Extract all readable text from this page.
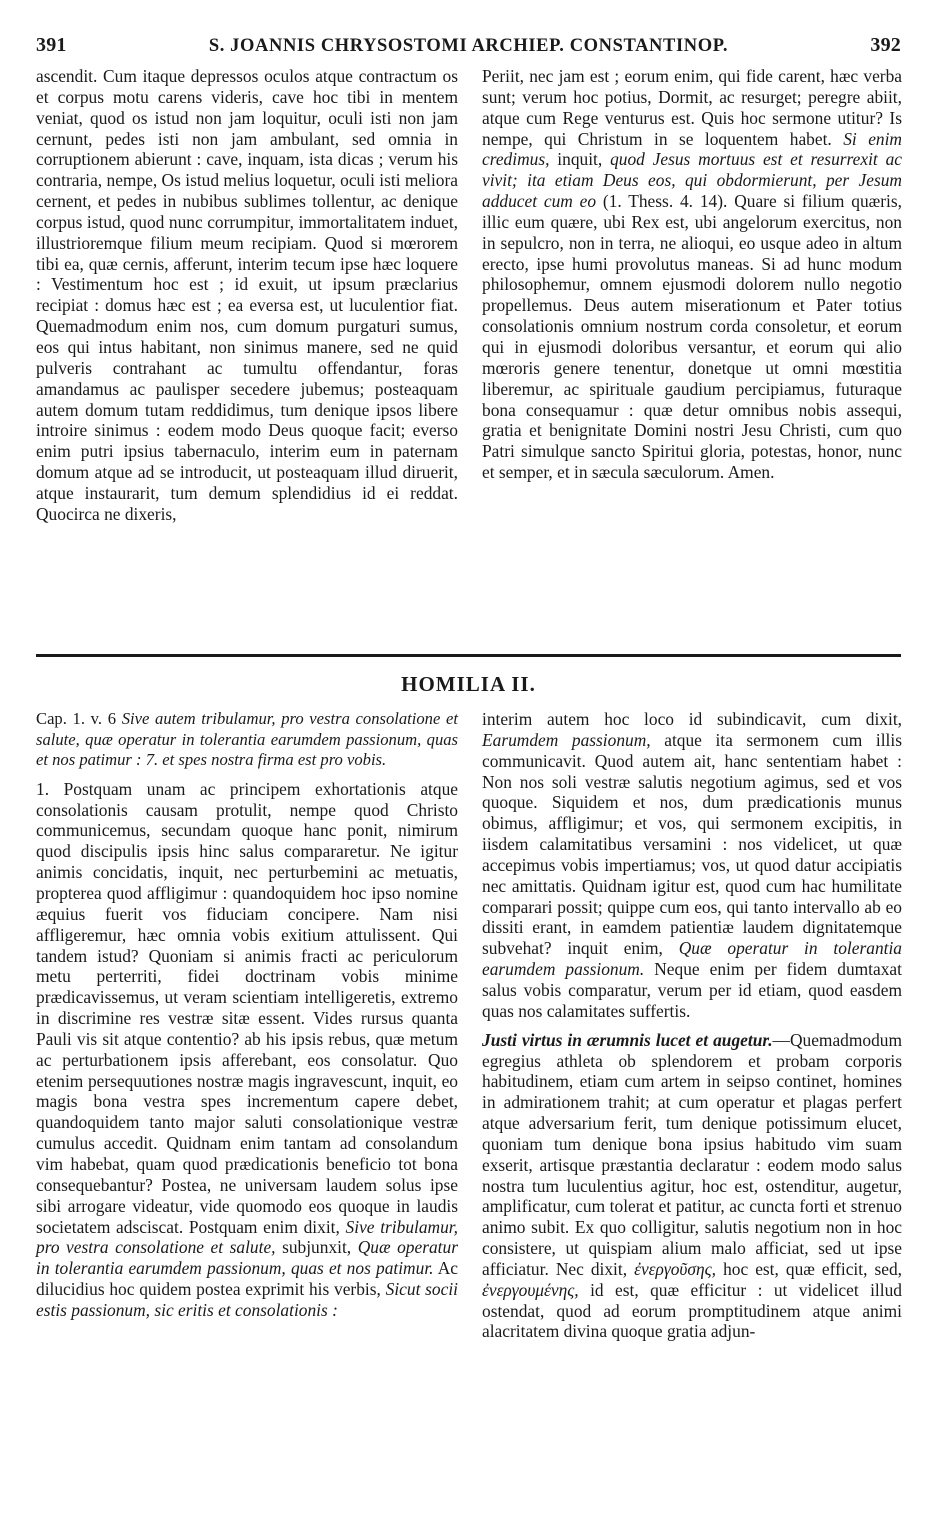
391	S. JOANNIS CHRYSOSTOMI ARCHIEP. CONSTANTINOP.	392

ascendit. Cum itaque depressos oculos atque contractum os et corpus motu carens videris, cave hoc tibi in mentem veniat, quod os istud non jam loquitur, oculi isti non jam cernunt, pedes isti non jam ambulant, sed omnia in corruptionem abierunt : cave, inquam, ista dicas ; verum his contraria, nempe, Os istud melius loquetur, oculi isti meliora cernent, et pedes in nubibus sublimes tollentur, ac denique corpus istud, quod nunc corrumpitur, immortalitatem induet, illustrioremque filium meum recipiam. Quod si mœrorem tibi ea, quæ cernis, afferunt, interim tecum ipse hæc loquere : Vestimentum hoc est ; id exuit, ut ipsum præclarius recipiat : domus hæc est ; ea eversa est, ut luculentior fiat. Quemadmodum enim nos, cum domum purgaturi sumus, eos qui intus habitant, non sinimus manere, sed ne quid pulveris contrahant ac tumultu offendantur, foras amandamus ac paulisper secedere jubemus; posteaquam autem domum tutam reddidimus, tum denique ipsos libere introire sinimus : eodem modo Deus quoque facit; everso enim putri ipsius tabernaculo, interim eum in paternam domum atque ad se introducit, ut posteaquam illud diruerit, atque instaurarit, tum demum splendidius id ei reddat. Quocirca ne dixeris,

Periit, nec jam est ; eorum enim, qui fide carent, hæc verba sunt; verum hoc potius, Dormit, ac resurget; peregre abiit, atque cum Rege venturus est. Quis hoc sermone utitur? Is nempe, qui Christum in se loquentem habet. Si enim credimus, inquit, quod Jesus mortuus est et resurrexit ac vivit; ita etiam Deus eos, qui obdormierunt, per Jesum adducet cum eo (1. Thess. 4. 14). Quare si filium quæris, illic eum quære, ubi Rex est, ubi angelorum exercitus, non in sepulcro, non in terra, ne alioqui, eo usque adeo in altum erecto, ipse humi provolutus maneas. Si ad hunc modum philosophemur, omnem ejusmodi dolorem nullo negotio propellemus. Deus autem miserationum et Pater totius consolationis omnium nostrum corda consoletur, et eorum qui in ejusmodi doloribus versantur, et eorum qui alio mœroris genere tenentur, donetque ut omni mœstitia liberemur, ac spirituale gaudium percipiamus, futuraque bona consequamur : quæ detur omnibus nobis assequi, gratia et benignitate Domini nostri Jesu Christi, cum quo Patri simulque sancto Spiritui gloria, potestas, honor, nunc et semper, et in sæcula sæculorum. Amen.

HOMILIA II.

Cap. 1. v. 6 Sive autem tribulamur, pro vestra consolatione et salute, quæ operatur in tolerantia earumdem passionum, quas et nos patimur : 7. et spes nostra firma est pro vobis.

1. Postquam unam ac principem exhortationis atque consolationis causam protulit, nempe quod Christo communicemus, secundam quoque hanc ponit, nimirum quod discipulis ipsis hinc salus compararetur. Ne igitur animis concidatis, inquit, nec perturbemini ac metuatis, propterea quod affligimur : quandoquidem hoc ipso nomine æquius fuerit vos fiduciam concipere. Nam nisi affligeremur, hæc omnia vobis exitium attulissent. Qui tandem istud? Quoniam si animis fracti ac periculorum metu perterriti, fidei doctrinam vobis minime prædicavissemus, ut veram scientiam intelligeretis, extremo in discrimine res vestræ sitæ essent. Vides rursus quanta Pauli vis sit atque contentio? ab his ipsis rebus, quæ metum ac perturbationem ipsis afferebant, eos consolatur. Quo etenim persequutiones nostræ magis ingravescunt, inquit, eo magis bona vestra spes incrementum capere debet, quandoquidem tanto major saluti consolationique vestræ cumulus accedit. Quidnam enim tantam ad consolandum vim habebat, quam quod prædicationis beneficio tot bona consequebantur? Postea, ne universam laudem solus ipse sibi arrogare videatur, vide quomodo eos quoque in laudis societatem adsciscat. Postquam enim dixit, Sive tribulamur, pro vestra consolatione et salute, subjunxit, Quæ operatur in tolerantia earumdem passionum, quas et nos patimur. Ac dilucidius hoc quidem postea exprimit his verbis, Sicut socii estis passionum, sic eritis et consolationis :

interim autem hoc loco id subindicavit, cum dixit, Earumdem passionum, atque ita sermonem cum illis communicavit. Quod autem ait, hanc sententiam habet : Non nos soli vestræ salutis negotium agimus, sed et vos quoque. Siquidem et nos, dum prædicationis munus obimus, affligimur; et vos, qui sermonem excipitis, in iisdem calamitatibus versamini : nos videlicet, ut quæ accepimus vobis impertiamus; vos, ut quod datur accipiatis nec amittatis. Quidnam igitur est, quod cum hac humilitate comparari possit; quippe cum eos, qui tanto intervallo ab eo dissiti erant, in eamdem patientiæ laudem dignitatemque subvehat? inquit enim, Quæ operatur in tolerantia earumdem passionum. Neque enim per fidem dumtaxat salus vobis comparatur, verum per id etiam, quod easdem quas nos calamitates suffertis.

Justi virtus in ærumnis lucet et augetur.—Quemadmodum egregius athleta ob splendorem et probam corporis habitudinem, etiam cum artem in seipso continet, homines in admirationem trahit; at cum operatur et plagas perfert atque adversarium ferit, tum denique potissimum elucet, quoniam tum denique bona ipsius habitudo vim suam exserit, artisque præstantia declaratur : eodem modo salus nostra tum luculentius agitur, hoc est, ostenditur, augetur, amplificatur, cum tolerat et patitur, ac cuncta forti et strenuo animo subit. Ex quo colligitur, salutis negotium non in hoc consistere, ut quispiam alium malo afficiat, sed ut ipse afficiatur. Nec dixit, ἐνεργοῦσης, hoc est, quæ efficit, sed, ἐνεργουμένης, id est, quæ efficitur : ut videlicet illud ostendat, quod ad eorum promptitudinem atque animi alacritatem divina quoque gratia adjun-
